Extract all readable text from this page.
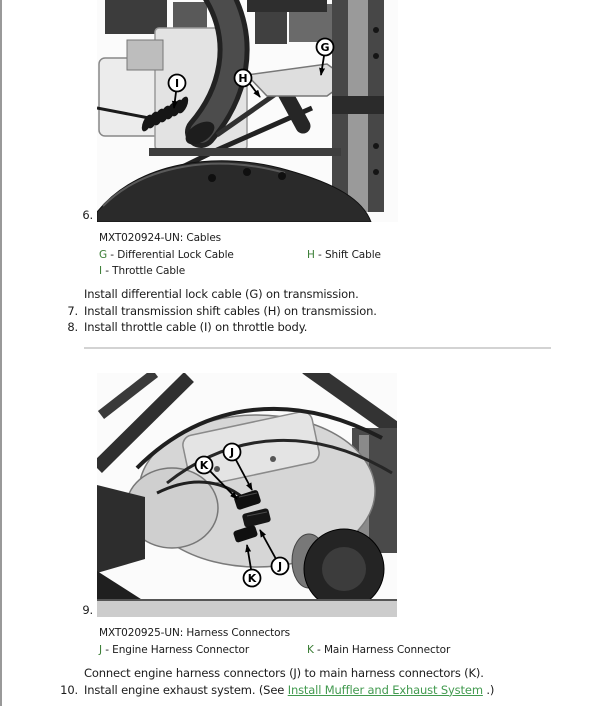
6.
I	H
G
MXT020924-UN: Cables
G - Differential Lock Cable	H - Shift Cable
I - Throttle Cable
Install differential lock cable (G) on transmission.
7. Install transmission shift cables (H) on transmission.
8. Install throttle cable (I) on throttle body.
9.
J
K
J
K
MXT020925-UN: Harness Connectors
J - Engine Harness Connector	K - Main Harness Connector
Connect engine harness connectors (J) to main harness connectors (K).
10. Install engine exhaust system. (See Install Muffler and Exhaust System .)
